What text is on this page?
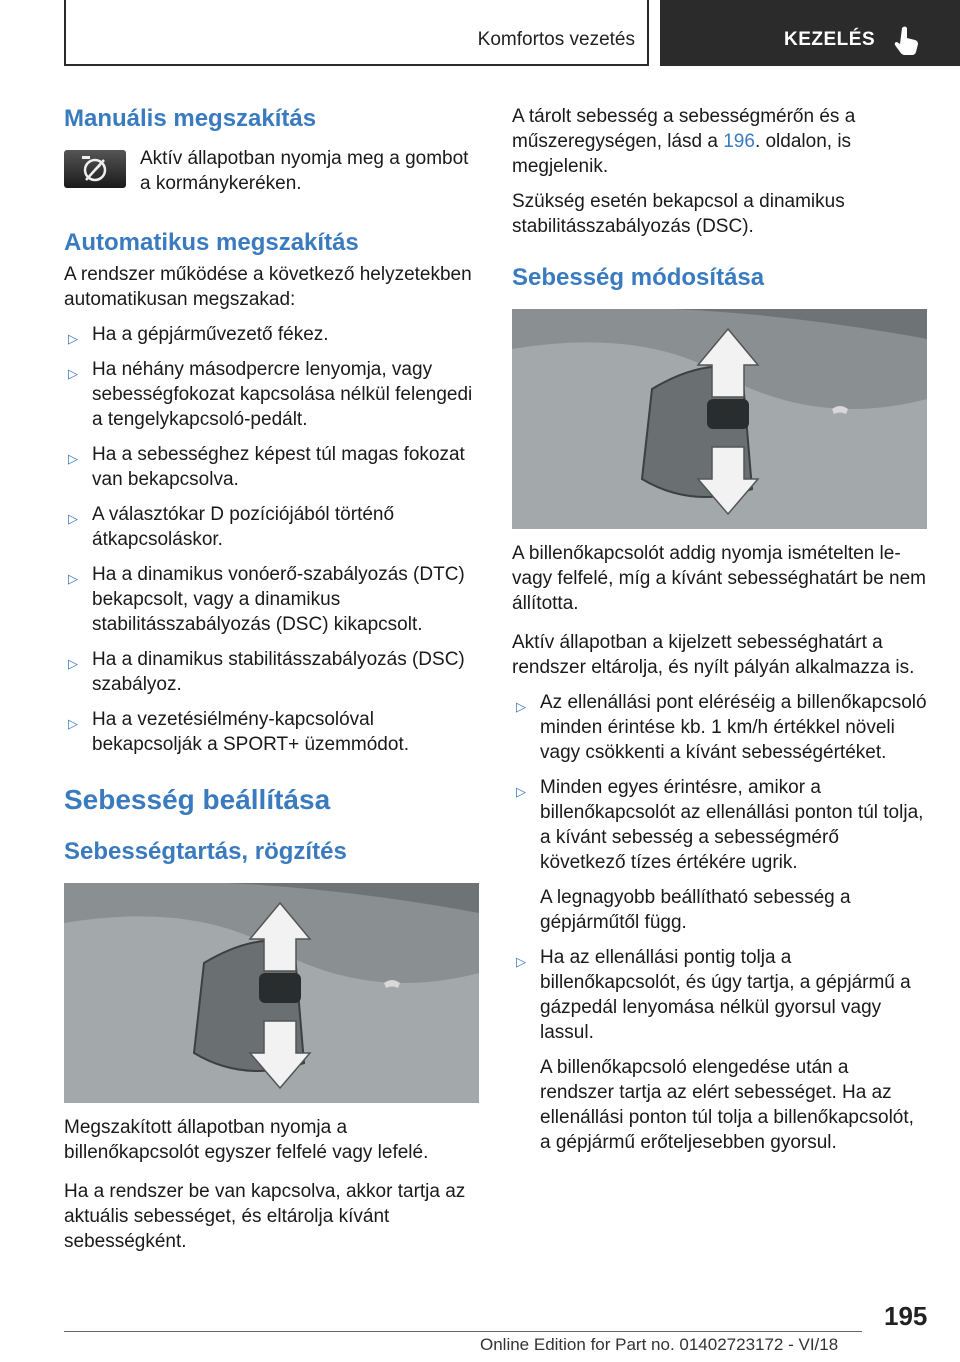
Komfortos vezetés	KEZELÉS
Manuális megszakítás

Aktív állapotban nyomja meg a gombot a kormánykeréken.

Automatikus megszakítás

A rendszer működése a következő helyzetekben automatikusan megszakad:

▷ Ha a gépjárművezető fékez.
▷ Ha néhány másodpercre lenyomja, vagy sebességfokozat kapcsolása nélkül felengedi a tengelykapcsoló-pedált.
▷ Ha a sebességhez képest túl magas fokozat van bekapcsolva.
▷ A választókar D pozíciójából történő átkapcsoláskor.
▷ Ha a dinamikus vonóerő-szabályozás (DTC) bekapcsolt, vagy a dinamikus stabilitásszabályozás (DSC) kikapcsolt.
▷ Ha a dinamikus stabilitásszabályozás (DSC) szabályoz.
▷ Ha a vezetésiélmény-kapcsolóval bekapcsolják a SPORT+ üzemmódot.
Sebesség beállítása
Sebességtartás, rögzítés

Megszakított állapotban nyomja a billenőkapcsolót egyszer felfelé vagy lefelé.

Ha a rendszer be van kapcsolva, akkor tartja az aktuális sebességet, és eltárolja kívánt sebességként.

A tárolt sebesség a sebességmérőn és a műszeregységen, lásd a 196. oldalon, is megjelenik.

Szükség esetén bekapcsol a dinamikus stabilitásszabályozás (DSC).

Sebesség módosítása

A billenőkapcsolót addig nyomja ismételten le- vagy felfelé, míg a kívánt sebességhatárt be nem állította.

Aktív állapotban a kijelzett sebességhatárt a rendszer eltárolja, és nyílt pályán alkalmazza is.

▷ Az ellenállási pont eléréséig a billenőkapcsoló minden érintése kb. 1 km/h értékkel növeli vagy csökkenti a kívánt sebességértéket.
▷ Minden egyes érintésre, amikor a billenőkapcsolót az ellenállási ponton túl tolja, a kívánt sebesség a sebességmérő következő tízes értékére ugrik.
A legnagyobb beállítható sebesség a gépjárműtől függ.
▷ Ha az ellenállási pontig tolja a billenőkapcsolót, és úgy tartja, a gépjármű a gázpedál lenyomása nélkül gyorsul vagy lassul.
A billenőkapcsoló elengedése után a rendszer tartja az elért sebességet. Ha az ellenállási ponton túl tolja a billenőkapcsolót, a gépjármű erőteljesebben gyorsul.
195
Online Edition for Part no. 01402723172 - VI/18
